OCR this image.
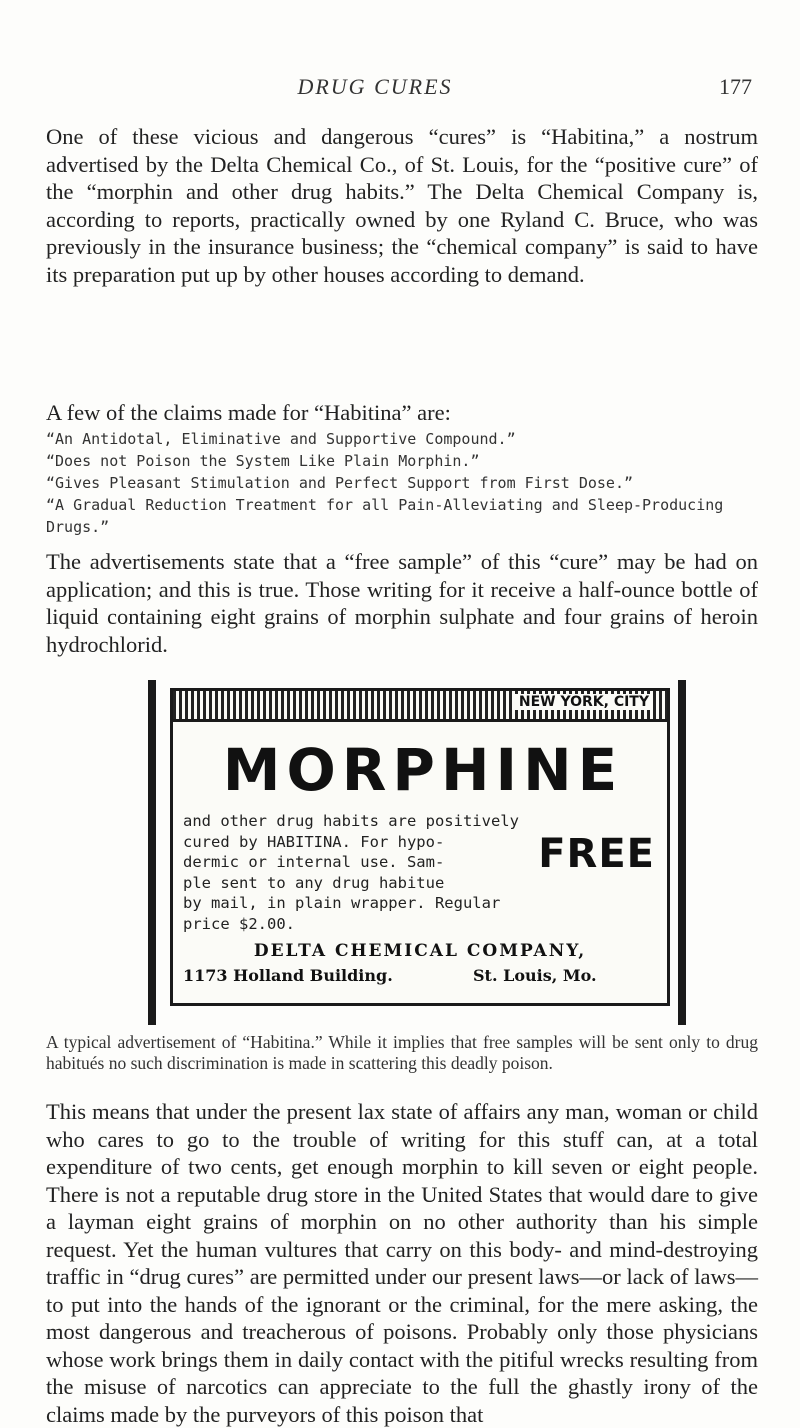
DRUG CURES	177

One of these vicious and dangerous “cures” is “Habitina,” a nostrum advertised by the Delta Chemical Co., of St. Louis, for the “positive cure” of the “morphin and other drug habits.” The Delta Chemical Company is, according to reports, practically owned by one Ryland C. Bruce, who was previously in the insurance business; the “chemical company” is said to have its preparation put up by other houses according to demand.

A few of the claims made for “Habitina” are:

“An Antidotal, Eliminative and Supportive Compound.”
“Does not Poison the System Like Plain Morphin.”
“Gives Pleasant Stimulation and Perfect Support from First Dose.”
“A Gradual Reduction Treatment for all Pain-Alleviating and Sleep-Producing Drugs.”

The advertisements state that a “free sample” of this “cure” may be had on application; and this is true. Those writing for it receive a half-ounce bottle of liquid containing eight grains of morphin sulphate and four grains of heroin hydrochlorid.

NEW YORK, CITY
MORPHINE
and other drug habits are positively
cured by HABITINA. For hypo-
dermic or internal use. Sam-
ple sent to any drug habitue
by mail, in plain wrapper. Regular
price $2.00.
FREE
DELTA CHEMICAL COMPANY,
1173 Holland Building.	St. Louis, Mo.

A typical advertisement of “Habitina.” While it implies that free samples will be sent only to drug habitués no such discrimination is made in scattering this deadly poison.

This means that under the present lax state of affairs any man, woman or child who cares to go to the trouble of writing for this stuff can, at a total expenditure of two cents, get enough morphin to kill seven or eight people. There is not a reputable drug store in the United States that would dare to give a layman eight grains of morphin on no other authority than his simple request. Yet the human vultures that carry on this body- and mind-destroying traffic in “drug cures” are permitted under our present laws—or lack of laws—to put into the hands of the ignorant or the criminal, for the mere asking, the most dangerous and treacherous of poisons. Probably only those physicians whose work brings them in daily contact with the pitiful wrecks resulting from the misuse of narcotics can appreciate to the full the ghastly irony of the claims made by the purveyors of this poison that
